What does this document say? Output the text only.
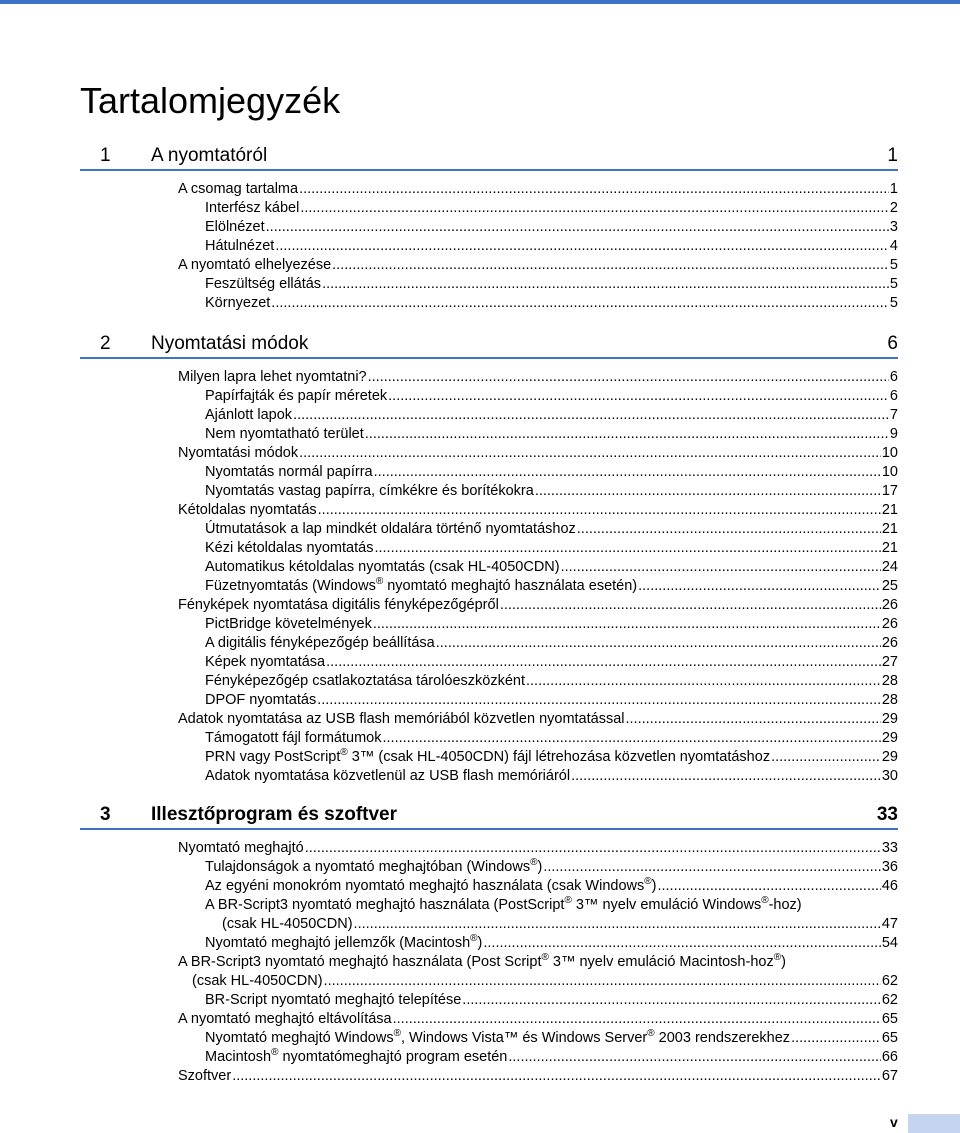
Tartalomjegyzék
1 A nyomtatóról	1
A csomag tartalma .....	1
Interfész kábel .....	2
Elölnézet .....	3
Hátulnézet .....	4
A nyomtató elhelyezése .....	5
Feszültség ellátás .....	5
Környezet .....	5
2 Nyomtatási módok	6
Milyen lapra lehet nyomtatni? .....	6
Papírfajták és papír méretek .....	6
Ajánlott lapok .....	7
Nem nyomtatható terület .....	9
Nyomtatási módok .....	10
Nyomtatás normál papírra .....	10
Nyomtatás vastag papírra, címkékre és borítékokra .....	17
Kétoldalas nyomtatás .....	21
Útmutatások a lap mindkét oldalára történő nyomtatáshoz .....	21
Kézi kétoldalas nyomtatás .....	21
Automatikus kétoldalas nyomtatás (csak HL-4050CDN) .....	24
Füzetnyomtatás (Windows® nyomtató meghajtó használata esetén) .....	25
Fényképek nyomtatása digitális fényképezőgépről .....	26
PictBridge követelmények .....	26
A digitális fényképezőgép beállítása .....	26
Képek nyomtatása .....	27
Fényképezőgép csatlakoztatása tárolóeszközként .....	28
DPOF nyomtatás .....	28
Adatok nyomtatása az USB flash memóriából közvetlen nyomtatással .....	29
Támogatott fájl formátumok .....	29
PRN vagy PostScript® 3™ (csak HL-4050CDN) fájl létrehozása közvetlen nyomtatáshoz .....	29
Adatok nyomtatása közvetlenül az USB flash memóriáról .....	30
3 Illesztőprogram és szoftver	33
Nyomtató meghajtó .....	33
Tulajdonságok a nyomtató meghajtóban (Windows®) .....	36
Az egyéni monokróm nyomtató meghajtó használata (csak Windows®) .....	46
A BR-Script3 nyomtató meghajtó használata (PostScript® 3™ nyelv emuláció Windows®-hoz)
(csak HL-4050CDN) .....	47
Nyomtató meghajtó jellemzők (Macintosh®) .....	54
A BR-Script3 nyomtató meghajtó használata (Post Script® 3™ nyelv emuláció Macintosh-hoz®)
(csak HL-4050CDN) .....	62
BR-Script nyomtató meghajtó telepítése .....	62
A nyomtató meghajtó eltávolítása .....	65
Nyomtató meghajtó Windows®, Windows Vista™ és Windows Server® 2003 rendszerekhez .....	65
Macintosh® nyomtatómeghajtó program esetén .....	66
Szoftver .....	67
v
